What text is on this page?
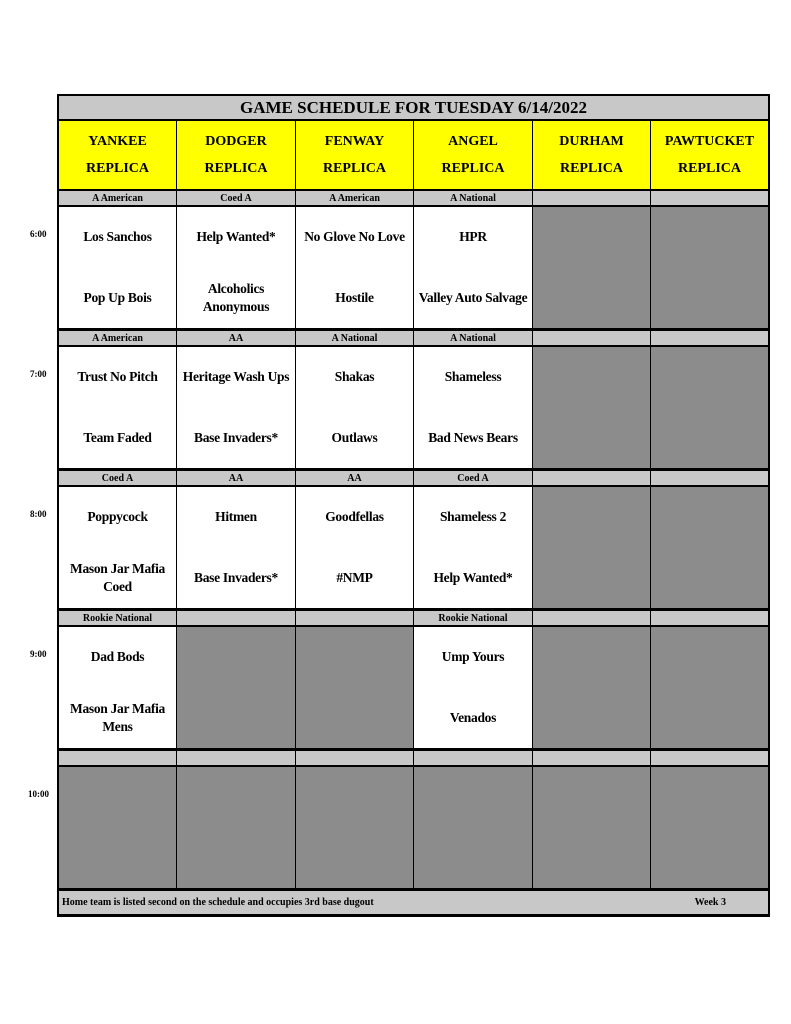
GAME SCHEDULE FOR TUESDAY 6/14/2022
YANKEE
REPLICA
DODGER
REPLICA
FENWAY
REPLICA
ANGEL
REPLICA
DURHAM
REPLICA
PAWTUCKET
REPLICA
A American
Los Sanchos
Pop Up Bois
Coed A
Help Wanted*
Alcoholics Anonymous
A American
No Glove No Love
Hostile
A National
HPR
Valley Auto Salvage
A American
Trust No Pitch
Team Faded
AA
Heritage Wash Ups
Base Invaders*
A National
Shakas
Outlaws
A National
Shameless
Bad News Bears
Coed A
Poppycock
Mason Jar Mafia Coed
AA
Hitmen
Base Invaders*
AA
Goodfellas
#NMP
Coed A
Shameless 2
Help Wanted*
Rookie National
Dad Bods
Mason Jar Mafia Mens
Rookie National
Ump Yours
Venados
Home team is listed second on the schedule and occupies 3rd base dugout	Week 3
6:00
7:00
8:00
9:00
10:00
